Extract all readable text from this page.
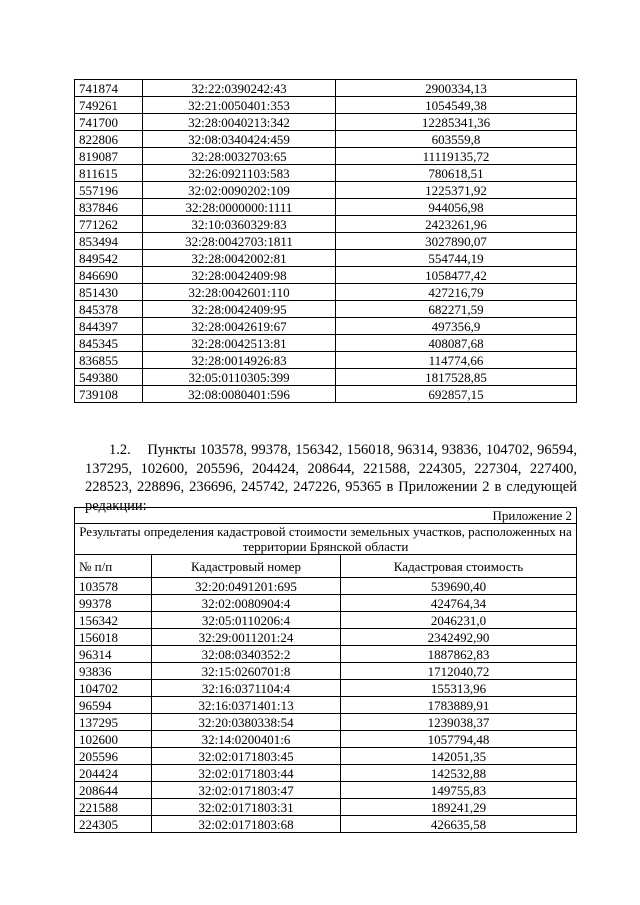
741874	32:22:0390242:43	2900334,13
749261	32:21:0050401:353	1054549,38
741700	32:28:0040213:342	12285341,36
822806	32:08:0340424:459	603559,8
819087	32:28:0032703:65	11119135,72
811615	32:26:0921103:583	780618,51
557196	32:02:0090202:109	1225371,92
837846	32:28:0000000:1111	944056,98
771262	32:10:0360329:83	2423261,96
853494	32:28:0042703:1811	3027890,07
849542	32:28:0042002:81	554744,19
846690	32:28:0042409:98	1058477,42
851430	32:28:0042601:110	427216,79
845378	32:28:0042409:95	682271,59
844397	32:28:0042619:67	497356,9
845345	32:28:0042513:81	408087,68
836855	32:28:0014926:83	114774,66
549380	32:05:0110305:399	1817528,85
739108	32:08:0080401:596	692857,15
1.2. Пункты 103578, 99378, 156342, 156018, 96314, 93836, 104702, 96594, 137295, 102600, 205596, 204424, 208644, 221588, 224305, 227304, 227400, 228523, 228896, 236696, 245742, 247226, 95365 в Приложении 2 в следующей редакции:
Приложение 2		
Результаты определения кадастровой стоимости земельных участков, расположенных на территории Брянской области		
№ п/п	Кадастровый номер	Кадастровая стоимость
103578	32:20:0491201:695	539690,40
99378	32:02:0080904:4	424764,34
156342	32:05:0110206:4	2046231,0
156018	32:29:0011201:24	2342492,90
96314	32:08:0340352:2	1887862,83
93836	32:15:0260701:8	1712040,72
104702	32:16:0371104:4	155313,96
96594	32:16:0371401:13	1783889,91
137295	32:20:0380338:54	1239038,37
102600	32:14:0200401:6	1057794,48
205596	32:02:0171803:45	142051,35
204424	32:02:0171803:44	142532,88
208644	32:02:0171803:47	149755,83
221588	32:02:0171803:31	189241,29
224305	32:02:0171803:68	426635,58
